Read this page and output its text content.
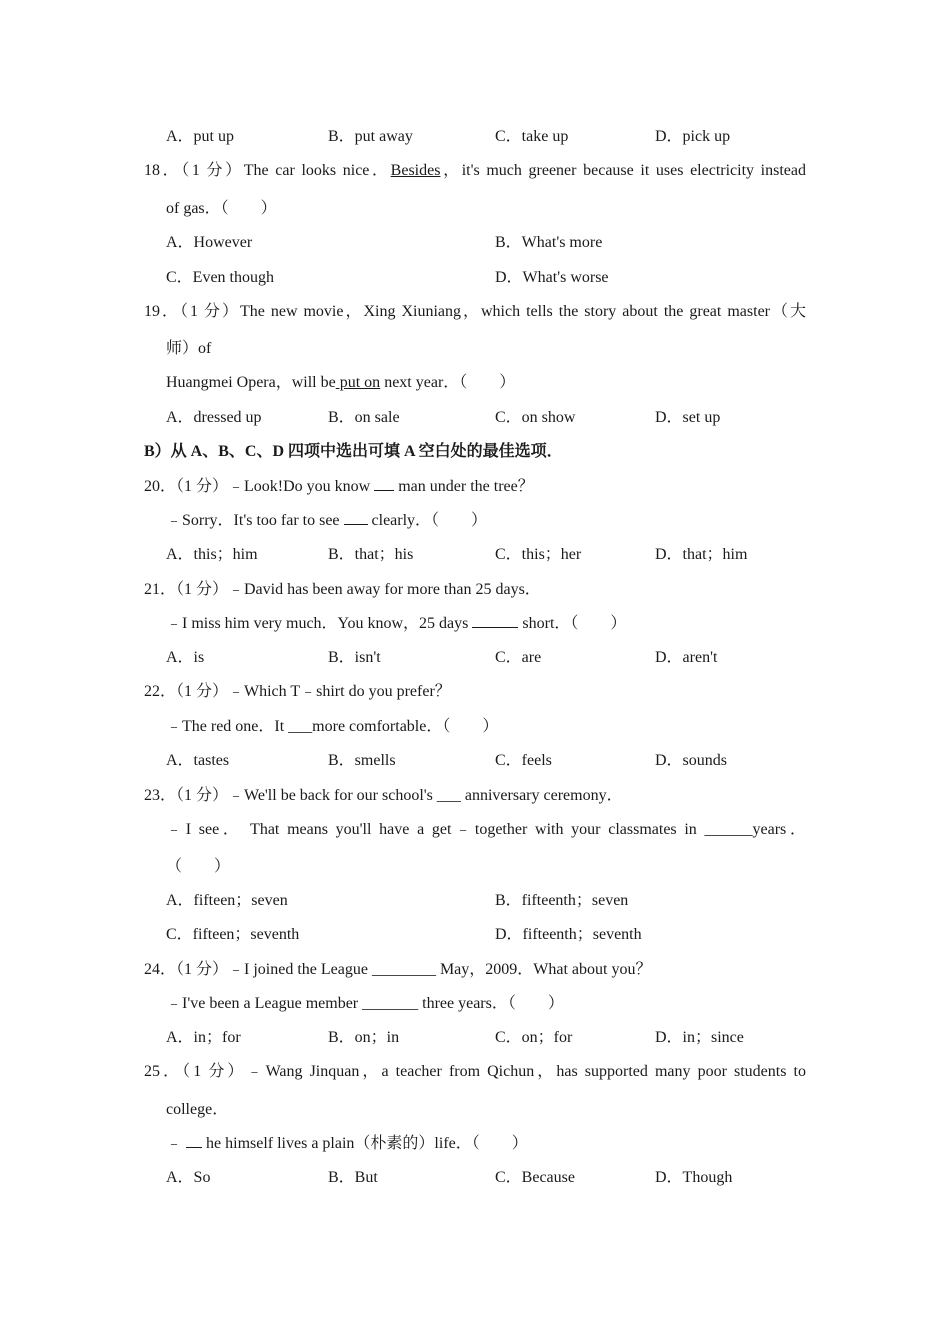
A．put up	B．put away	C．take up	D．pick up
18．（1 分）The car looks nice．Besides，it's much greener because it uses electricity instead
of gas．（　　）
A．However	B．What's more
C．Even though	D．What's worse
19．（1 分）The new movie，Xing Xiuniang，which tells the story about the great master（大
师）of
Huangmei Opera，will be put on next year．（　　）
A．dressed up	B．on sale	C．on show	D．set up
B）从 A、B、C、D 四项中选出可填 A 空白处的最佳选项．
20．（1 分）﹣Look!Do you know  man under the tree？
﹣Sorry．It's too far to see  clearly．（　　）
A．this；him	B．that；his	C．this；her	D．that；him
21．（1 分）﹣David has been away for more than 25 days．
﹣I miss him very much．You know，25 days	short．（　　）
A．is	B．isn't	C．are	D．aren't
22．（1 分）﹣Which T﹣shirt do you prefer？
﹣The red one．It ___more comfortable．（　　）
A．tastes	B．smells	C．feels	D．sounds
23．（1 分）﹣We'll be back for our school's ___ anniversary ceremony．
﹣I see． That means you'll have a get﹣together with your classmates in ______years．
（　　）
A．fifteen；seven	B．fifteenth；seven
C．fifteen；seventh	D．fifteenth；seventh
24．（1 分）﹣I joined the League ________ May，2009．What about you？
﹣I've been a League member _______ three years．（　　）
A．in；for	B．on；in	C．on；for	D．in；since
25．（1 分）﹣Wang Jinquan，a teacher from Qichun，has supported many poor students to
college．
﹣ he himself lives a plain（朴素的）life．（　　）
A．So	B．But	C．Because	D．Though
